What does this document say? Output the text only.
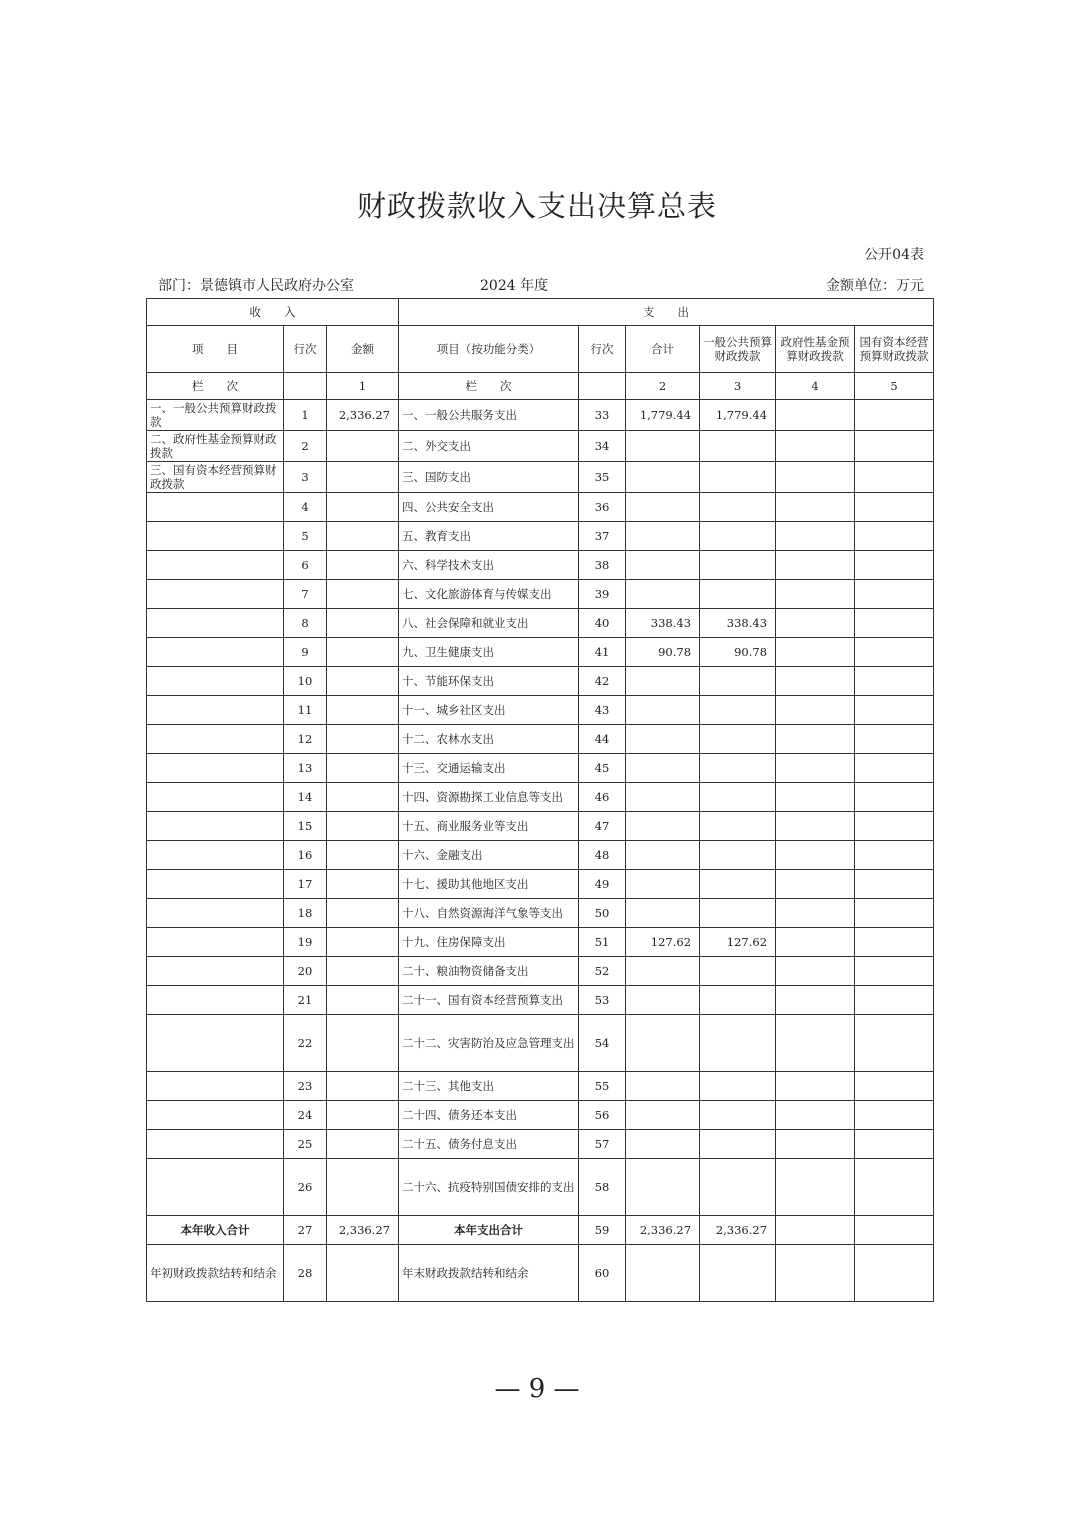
财政拨款收入支出决算总表
公开04表
部门：景德镇市人民政府办公室	2024 年度	金额单位：万元
收　　入			支　　出					
项　　目	行次	金额	项目（按功能分类）	行次	合计	一般公共预算财政拨款	政府性基金预算财政拨款	国有资本经营预算财政拨款
栏　　次		1	栏　　次		2	3	4	5
一、一般公共预算财政拨款	1	2,336.27	一、一般公共服务支出	33	1,779.44	1,779.44		
二、政府性基金预算财政拨款	2		二、外交支出	34				
三、国有资本经营预算财政拨款	3		三、国防支出	35				
	4		四、公共安全支出	36				
	5		五、教育支出	37				
	6		六、科学技术支出	38				
	7		七、文化旅游体育与传媒支出	39				
	8		八、社会保障和就业支出	40	338.43	338.43		
	9		九、卫生健康支出	41	90.78	90.78		
	10		十、节能环保支出	42				
	11		十一、城乡社区支出	43				
	12		十二、农林水支出	44				
	13		十三、交通运输支出	45				
	14		十四、资源勘探工业信息等支出	46				
	15		十五、商业服务业等支出	47				
	16		十六、金融支出	48				
	17		十七、援助其他地区支出	49				
	18		十八、自然资源海洋气象等支出	50				
	19		十九、住房保障支出	51	127.62	127.62		
	20		二十、粮油物资储备支出	52				
	21		二十一、国有资本经营预算支出	53				
	22		二十二、灾害防治及应急管理支出	54				
	23		二十三、其他支出	55				
	24		二十四、债务还本支出	56				
	25		二十五、债务付息支出	57				
	26		二十六、抗疫特别国债安排的支出	58				
本年收入合计	27	2,336.27	本年支出合计	59	2,336.27	2,336.27		
年初财政拨款结转和结余	28		年末财政拨款结转和结余	60				
— 9 —
